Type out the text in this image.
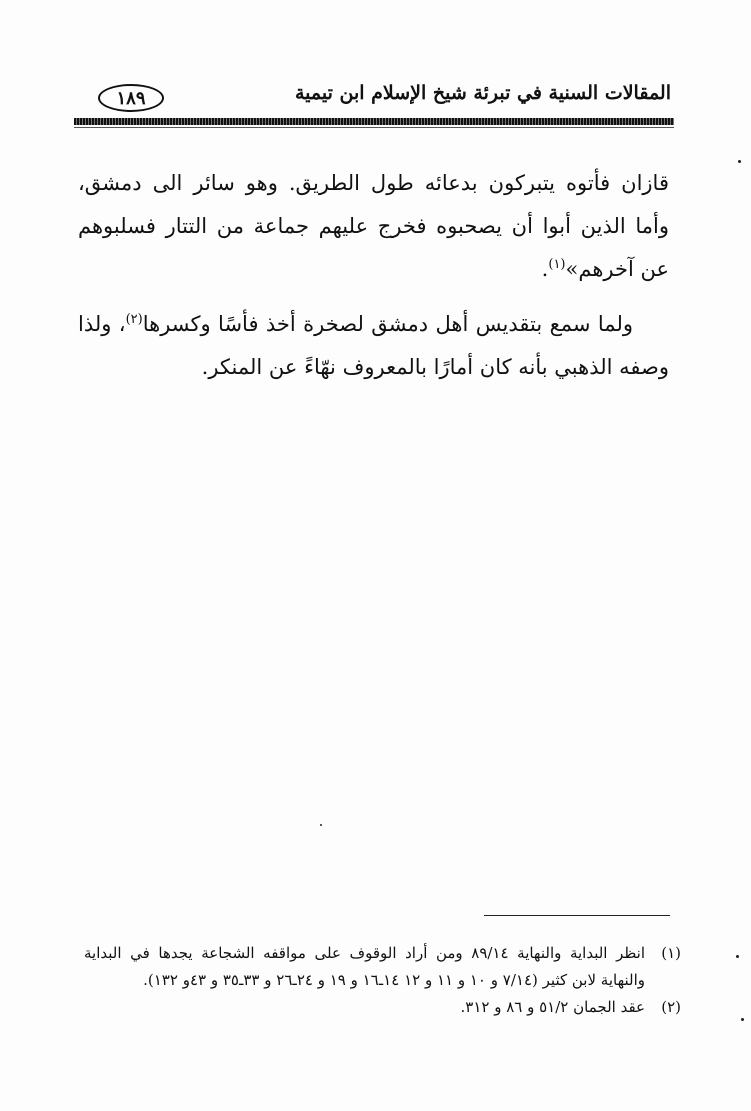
المقالات السنية في تبرئة شيخ الإسلام ابن تيمية
١٨٩

قازان فأتوه يتبركون بدعائه طول الطريق. وهو سائر الى دمشق، وأما الذين أبوا أن يصحبوه فخرج عليهم جماعة من التتار فسلبوهم عن آخرهم»$^{(١)}$.

ولما سمع بتقديس أهل دمشق لصخرة أخذ فأسًا وكسرها$^{(٢)}$، ولذا وصفه الذهبي بأنه كان أمارًا بالمعروف نهّاءً عن المنكر.

(١)
انظر البداية والنهاية ٨٩/١٤ ومن أراد الوقوف على مواقفه الشجاعة يجدها في البداية والنهاية لابن كثير (٧/١٤ و ١٠ و ١١ و ١٢ ١٤ـ١٦ و ١٩ و ٢٤ـ٢٦ و ٣٣ـ٣٥ و ٤٣و ١٣٢).
(٢)
عقد الجمان ٥١/٢ و ٨٦ و ٣١٢.
